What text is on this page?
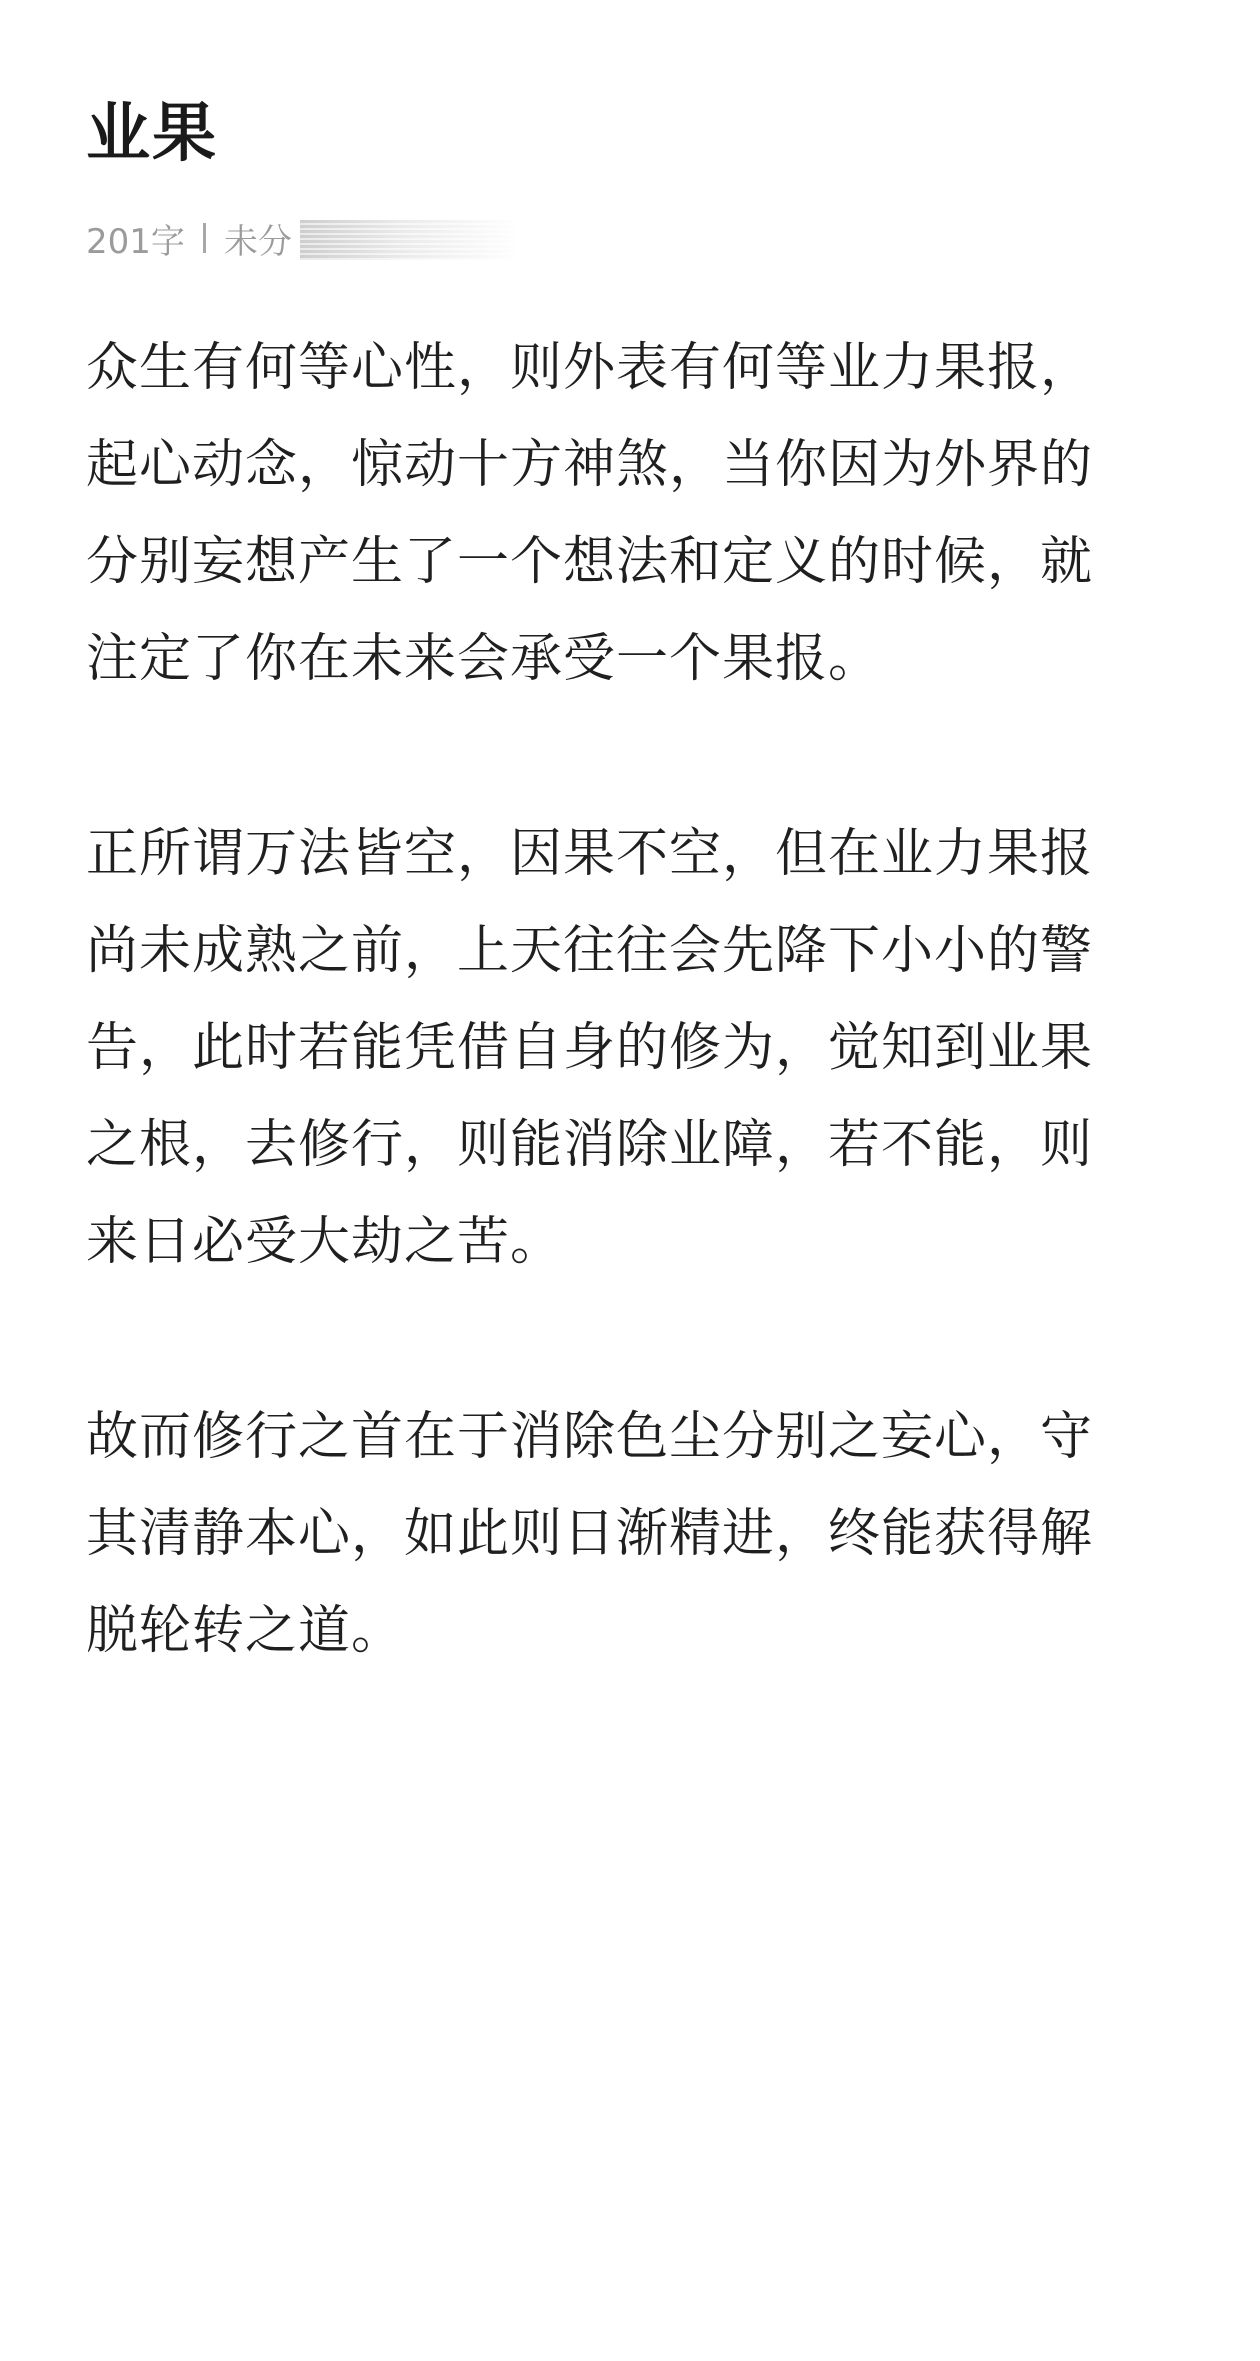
业果
201字 未分

众生有何等心性，则外表有何等业力果报，
起心动念，惊动十方神煞，当你因为外界的
分别妄想产生了一个想法和定义的时候，就
注定了你在未来会承受一个果报。

正所谓万法皆空，因果不空，但在业力果报
尚未成熟之前，上天往往会先降下小小的警
告，此时若能凭借自身的修为，觉知到业果
之根，去修行，则能消除业障，若不能，则
来日必受大劫之苦。

故而修行之首在于消除色尘分别之妄心，守
其清静本心，如此则日渐精进，终能获得解
脱轮转之道。
